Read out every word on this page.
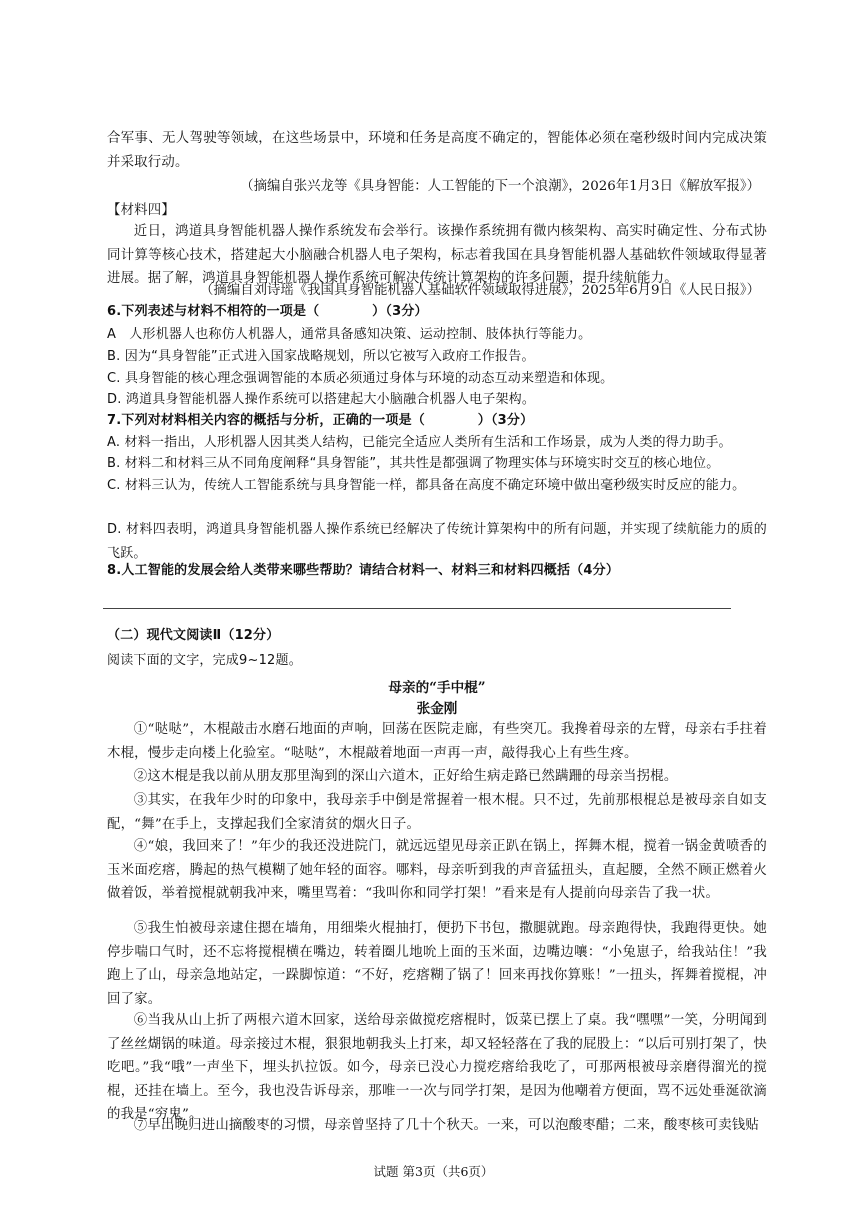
合军事、无人驾驶等领域，在这些场景中，环境和任务是高度不确定的，智能体必须在毫秒级时间内完成决策并采取行动。

（摘编自张兴龙等《具身智能：人工智能的下一个浪潮》，2026年1月3日《解放军报》）

【材料四】

近日，鸿道具身智能机器人操作系统发布会举行。该操作系统拥有微内核架构、高实时确定性、分布式协同计算等核心技术，搭建起大小脑融合机器人电子架构，标志着我国在具身智能机器人基础软件领域取得显著进展。据了解，鸿道具身智能机器人操作系统可解决传统计算架构的许多问题，提升续航能力。

（摘编自刘诗瑶《我国具身智能机器人基础软件领域取得进展》，2025年6月9日《人民日报》）

6.下列表述与材料不相符的一项是（　　　　）（3分）

A　人形机器人也称仿人机器人，通常具备感知决策、运动控制、肢体执行等能力。

B. 因为“具身智能”正式进入国家战略规划，所以它被写入政府工作报告。

C. 具身智能的核心理念强调智能的本质必须通过身体与环境的动态互动来塑造和体现。

D. 鸿道具身智能机器人操作系统可以搭建起大小脑融合机器人电子架构。

7.下列对材料相关内容的概括与分析，正确的一项是（　　　　）（3分）

A. 材料一指出，人形机器人因其类人结构，已能完全适应人类所有生活和工作场景，成为人类的得力助手。

B. 材料二和材料三从不同角度阐释“具身智能”，其共性是都强调了物理实体与环境实时交互的核心地位。

C. 材料三认为，传统人工智能系统与具身智能一样，都具备在高度不确定环境中做出毫秒级实时反应的能力。

D. 材料四表明，鸿道具身智能机器人操作系统已经解决了传统计算架构中的所有问题，并实现了续航能力的质的飞跃。

8.人工智能的发展会给人类带来哪些帮助？请结合材料一、材料三和材料四概括（4分）

（二）现代文阅读Ⅱ（12分）

阅读下面的文字，完成9~12题。

母亲的“手中棍”

张金刚

①“哒哒”，木棍敲击水磨石地面的声响，回荡在医院走廊，有些突兀。我搀着母亲的左臂，母亲右手拄着木棍，慢步走向楼上化验室。“哒哒”，木棍敲着地面一声再一声，敲得我心上有些生疼。

②这木棍是我以前从朋友那里淘到的深山六道木，正好给生病走路已然蹒跚的母亲当拐棍。

③其实，在我年少时的印象中，我母亲手中倒是常握着一根木棍。只不过，先前那根棍总是被母亲自如支配，“舞”在手上，支撑起我们全家清贫的烟火日子。

④“娘，我回来了！”年少的我还没进院门，就远远望见母亲正趴在锅上，挥舞木棍，搅着一锅金黄喷香的玉米面疙瘩，腾起的热气模糊了她年轻的面容。哪料，母亲听到我的声音猛扭头，直起腰，全然不顾正燃着火做着饭，举着搅棍就朝我冲来，嘴里骂着：“我叫你和同学打架！”看来是有人提前向母亲告了我一状。

⑤我生怕被母亲逮住摁在墙角，用细柴火棍抽打，便扔下书包，撒腿就跑。母亲跑得快，我跑得更快。她停步喘口气时，还不忘将搅棍横在嘴边，转着圈儿地吮上面的玉米面，边嘴边嚷：“小兔崽子，给我站住！”我跑上了山，母亲急地站定，一跺脚惊道：“不好，疙瘩糊了锅了！回来再找你算账！”一扭头，挥舞着搅棍，冲回了家。

⑥当我从山上折了两根六道木回家，送给母亲做搅疙瘩棍时，饭菜已摆上了桌。我“嘿嘿”一笑，分明闻到了丝丝煳锅的味道。母亲接过木棍，狠狠地朝我头上打来，却又轻轻落在了我的屁股上：“以后可别打架了，快吃吧。”我“哦”一声坐下，埋头扒拉饭。如今，母亲已没心力搅疙瘩给我吃了，可那两根被母亲磨得溜光的搅棍，还挂在墙上。至今，我也没告诉母亲，那唯一一次与同学打架，是因为他嘲着方便面，骂不远处垂涎欲滴的我是“穷鬼”。

⑦早出晚归进山摘酸枣的习惯，母亲曾坚持了几十个秋天。一来，可以泡酸枣醋；二来，酸枣核可卖钱贴

试题 第3页（共6页）
